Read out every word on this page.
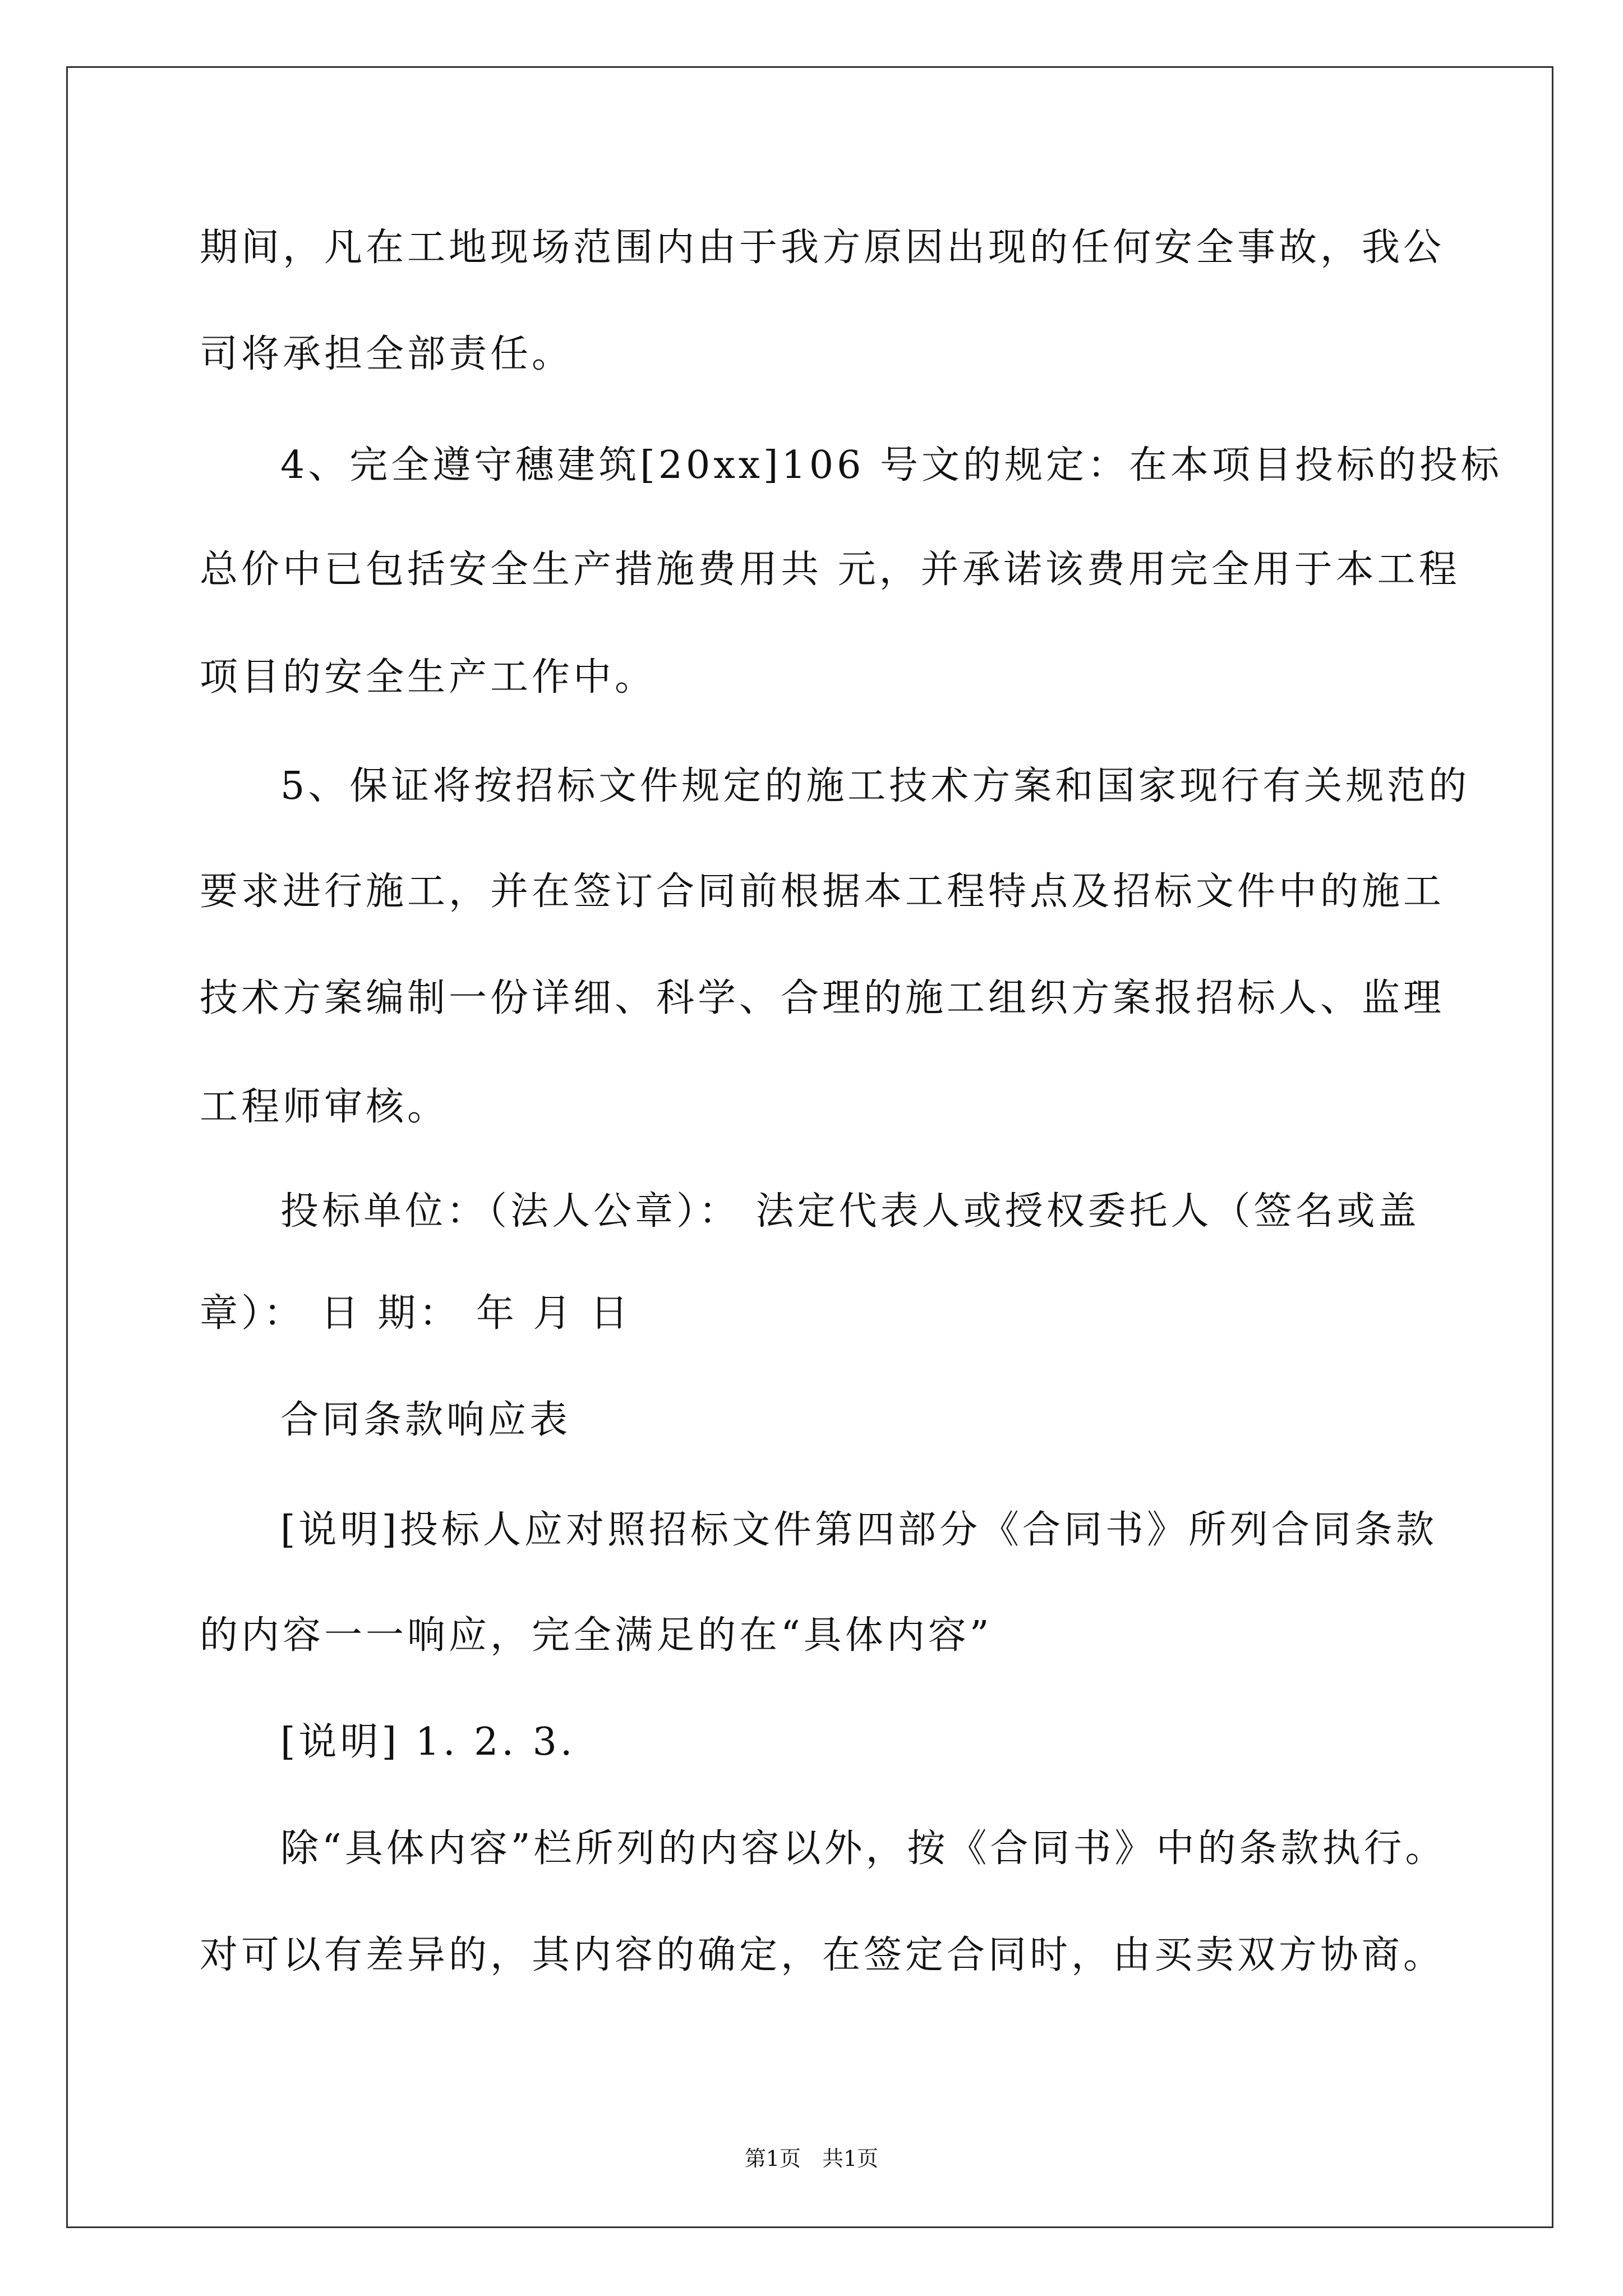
期间，凡在工地现场范围内由于我方原因出现的任何安全事故，我公
司将承担全部责任。
4、完全遵守穗建筑[20xx]106 号文的规定：在本项目投标的投标
总价中已包括安全生产措施费用共 元，并承诺该费用完全用于本工程
项目的安全生产工作中。
5、保证将按招标文件规定的施工技术方案和国家现行有关规范的
要求进行施工，并在签订合同前根据本工程特点及招标文件中的施工
技术方案编制一份详细、科学、合理的施工组织方案报招标人、监理
工程师审核。
投标单位：（法人公章）： 法定代表人或授权委托人（签名或盖
章）： 日 期： 年 月 日
合同条款响应表
[说明]投标人应对照招标文件第四部分《合同书》所列合同条款
的内容一一响应，完全满足的在“具体内容”
[说明] 1. 2. 3.
除“具体内容”栏所列的内容以外，按《合同书》中的条款执行。
对可以有差异的，其内容的确定，在签定合同时，由买卖双方协商。
第1页　共1页
